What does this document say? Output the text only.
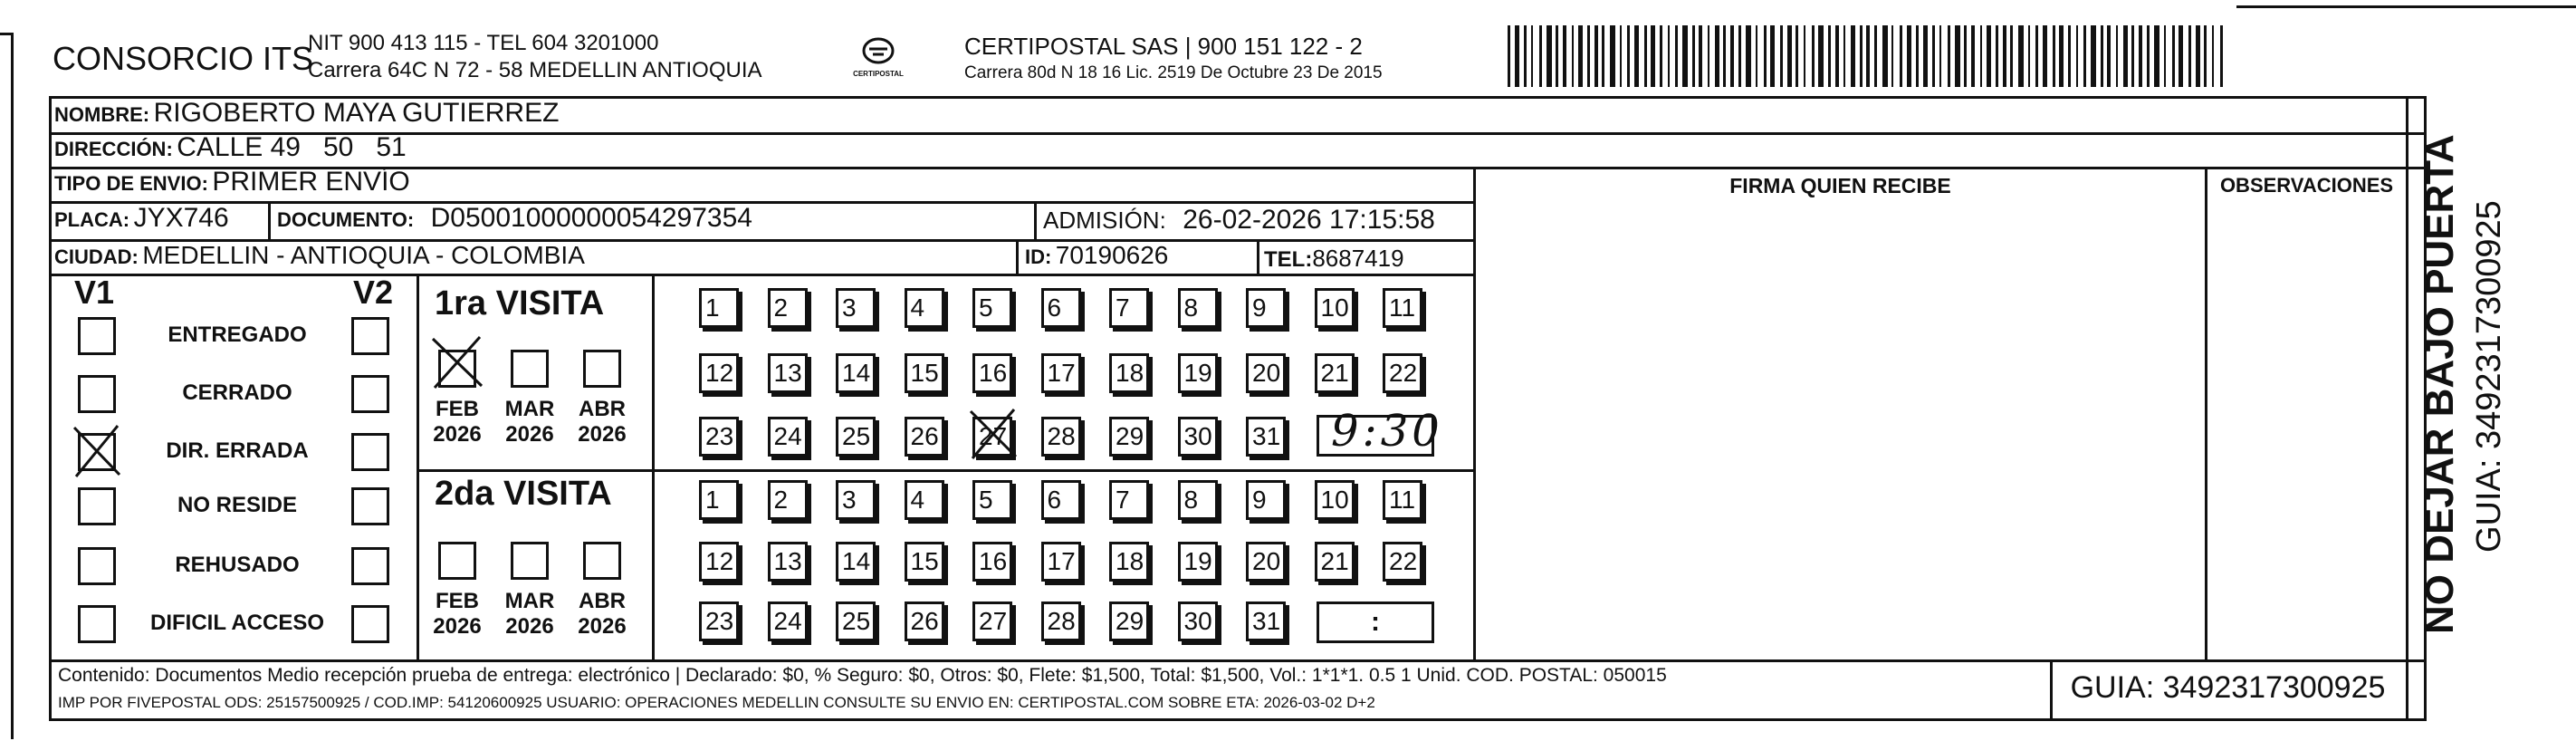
CONSORCIO ITS
NIT 900 413 115 - TEL 604 3201000
Carrera 64C N 72 - 58 MEDELLIN ANTIOQUIA	CERTIPOSTAL
CERTIPOSTAL SAS | 900 151 122 - 2
Carrera 80d N 18 16 Lic. 2519 De Octubre 23 De 2015
NOMBRE: RIGOBERTO MAYA GUTIERREZ
DIRECCIÓN: CALLE 49   50   51
TIPO DE ENVIO: PRIMER ENVÍO	FIRMA QUIEN RECIBE	OBSERVACIONES
PLACA: JYX746 DOCUMENTO: D05001000000054297354	ADMISIÓN: 26-02-2026 17:15:58
CIUDAD: MEDELLIN - ANTIOQUIA - COLOMBIA	ID: 70190626	TEL:8687419
V1	V2
ENTREGADO
CERRADO
DIR. ERRADA
NO RESIDE
REHUSADO
DIFICIL ACCESO
1ra VISITA
FEB
2026
MAR
2026
ABR
2026
1	2	3	4	5	6	7	8	9	10 11
12 13 14 15 16 17 18 19 20 21 22
23 24 25 26 27 28 29 30 31 9:30
2da VISITA
FEB
2026
MAR
2026
ABR
2026
1	2	3	4	5	6	7	8	9	10 11
12 13 14 15 16 17 18 19 20 21 22
23 24 25 26 27 28 29 30 31	:
Contenido: Documentos Medio recepción prueba de entrega: electrónico | Declarado: $0, % Seguro: $0, Otros: $0, Flete: $1,500, Total: $1,500, Vol.: 1*1*1. 0.5 1 Unid. COD. POSTAL: 050015
IMP POR FIVEPOSTAL ODS: 25157500925 / COD.IMP: 54120600925 USUARIO: OPERACIONES MEDELLIN CONSULTE SU ENVIO EN: CERTIPOSTAL.COM SOBRE ETA: 2026-03-02 D+2	GUIA: 3492317300925
NO DEJAR BAJO PUERTA GUIA: 3492317300925
